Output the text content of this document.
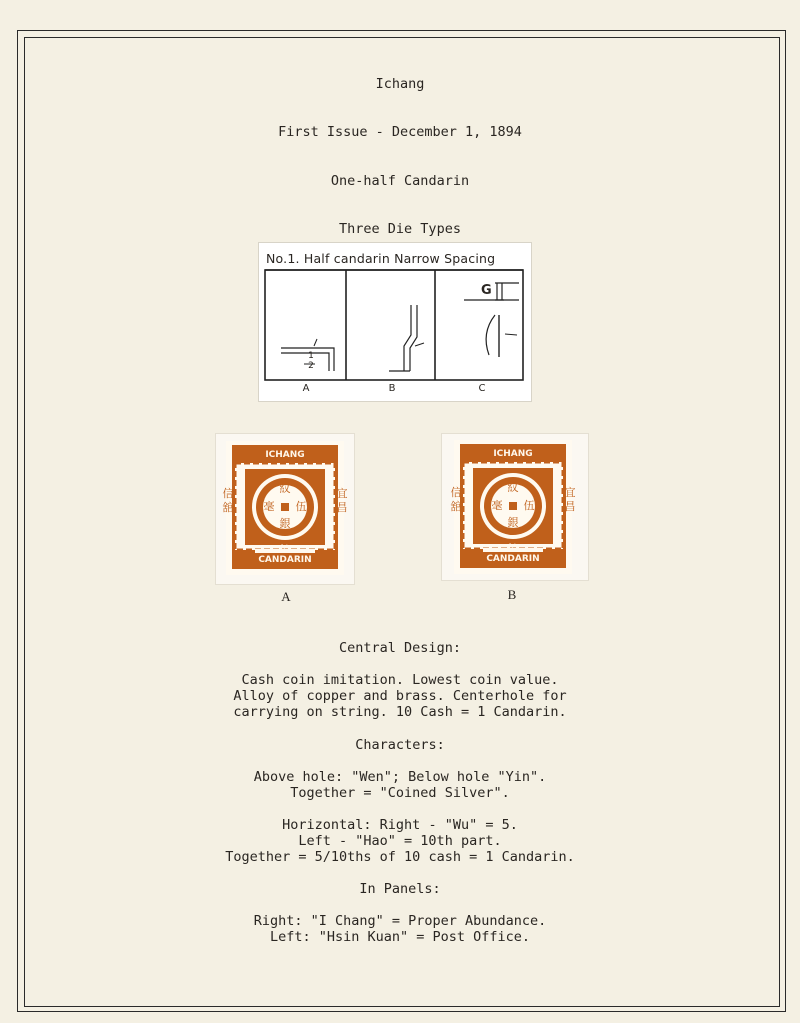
Ichang
First Issue - December 1, 1894
One-half Candarin
Three Die Types
No.1. Half candarin Narrow Spacing
1
2
G
A	B	C
ICHANG
CANDARIN
½
紋
銀
毫 伍
信
舘
宜
昌
A
ICHANG
CANDARIN
½
紋
銀
毫 伍
信
舘
宜
昌
B
Central Design:
Cash coin imitation. Lowest coin value.
Alloy of copper and brass. Centerhole for
carrying on string. 10 Cash = 1 Candarin.
Characters:
Above hole: "Wen"; Below hole "Yin".
Together = "Coined Silver".
Horizontal: Right - "Wu" = 5.
Left - "Hao" = 10th part.
Together = 5/10ths of 10 cash = 1 Candarin.
In Panels:
Right: "I Chang" = Proper Abundance.
Left: "Hsin Kuan" = Post Office.
